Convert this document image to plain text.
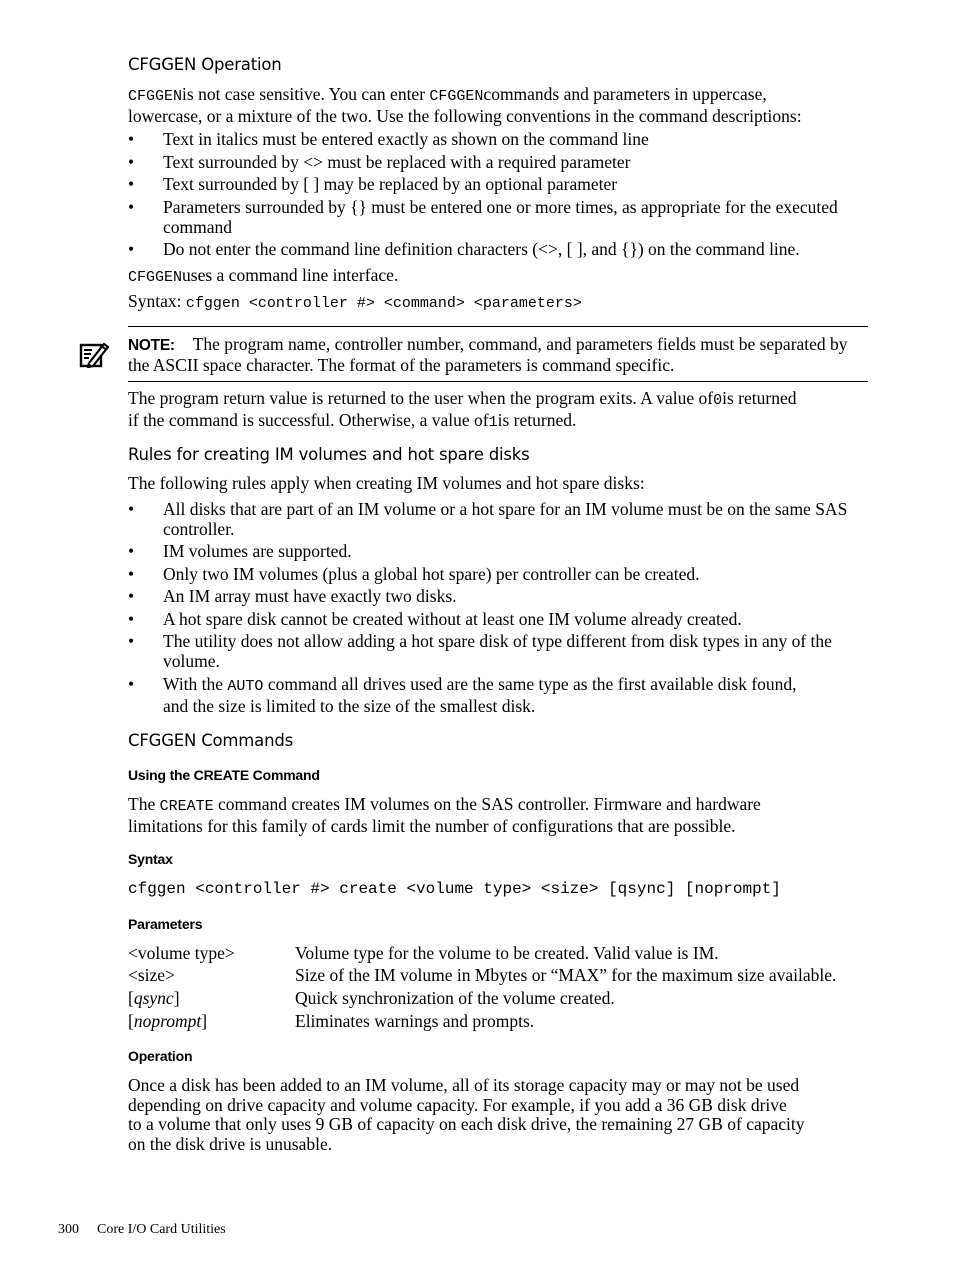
CFGGEN Operation
CFGGENis not case sensitive. You can enter CFGGENcommands and parameters in uppercase,
lowercase, or a mixture of the two. Use the following conventions in the command descriptions:
• Text in italics must be entered exactly as shown on the command line
• Text surrounded by <> must be replaced with a required parameter
• Text surrounded by [ ] may be replaced by an optional parameter
• Parameters surrounded by {} must be entered one or more times, as appropriate for the executed command
• Do not enter the command line definition characters (<>, [ ], and {}) on the command line.
CFGGENuses a command line interface.
Syntax: cfggen <controller #> <command> <parameters>
NOTE: The program name, controller number, command, and parameters fields must be separated by the ASCII space character. The format of the parameters is command specific.
The program return value is returned to the user when the program exits. A value of0is returned
if the command is successful. Otherwise, a value of1is returned.
Rules for creating IM volumes and hot spare disks
The following rules apply when creating IM volumes and hot spare disks:
• All disks that are part of an IM volume or a hot spare for an IM volume must be on the same SAS controller.
• IM volumes are supported.
• Only two IM volumes (plus a global hot spare) per controller can be created.
• An IM array must have exactly two disks.
• A hot spare disk cannot be created without at least one IM volume already created.
• The utility does not allow adding a hot spare disk of type different from disk types in any of the volume.
• With the AUTO command all drives used are the same type as the first available disk found,
and the size is limited to the size of the smallest disk.
CFGGEN Commands
Using the CREATE Command
The CREATE command creates IM volumes on the SAS controller. Firmware and hardware
limitations for this family of cards limit the number of configurations that are possible.
Syntax
cfggen <controller #> create <volume type> <size> [qsync] [noprompt]
Parameters
<volume type>	Volume type for the volume to be created. Valid value is IM.
<size>	Size of the IM volume in Mbytes or “MAX” for the maximum size available.
[qsync]	Quick synchronization of the volume created.
[noprompt]	Eliminates warnings and prompts.
Operation
Once a disk has been added to an IM volume, all of its storage capacity may or may not be used
depending on drive capacity and volume capacity. For example, if you add a 36 GB disk drive
to a volume that only uses 9 GB of capacity on each disk drive, the remaining 27 GB of capacity
on the disk drive is unusable.
300 Core I/O Card Utilities
